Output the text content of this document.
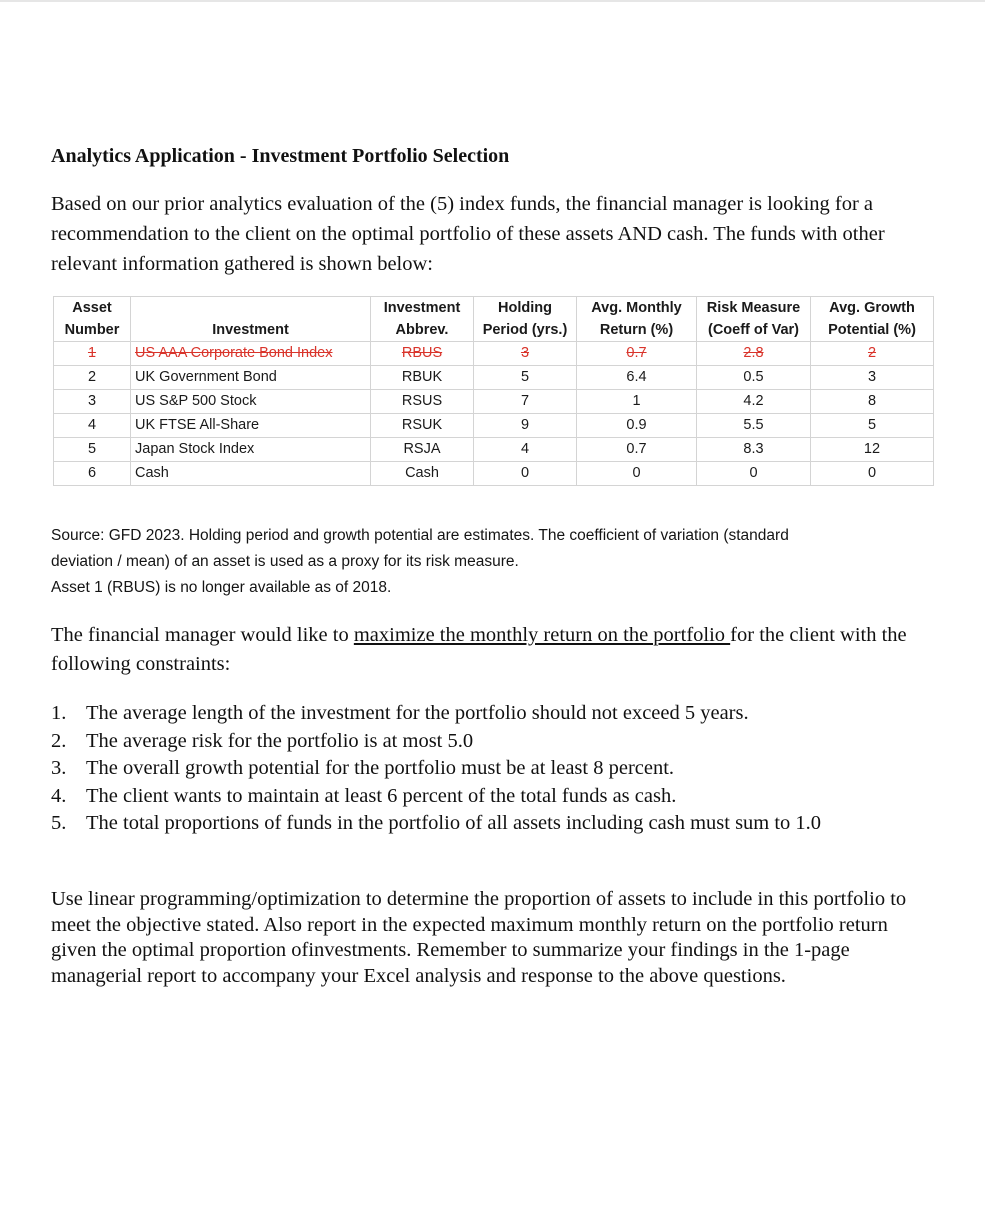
Analytics Application - Investment Portfolio Selection

Based on our prior analytics evaluation of the (5) index funds, the financial manager is looking for a recommendation to the client on the optimal portfolio of these assets AND cash. The funds with other relevant information gathered is shown below:

Asset		Investment	Holding	Avg. Monthly	Risk Measure	Avg. Growth
Number	Investment	Abbrev.	Period (yrs.)	Return (%)	(Coeff of Var)	Potential (%)
1	US AAA Corporate Bond Index	RBUS	3	0.7	2.8	2
2	UK Government Bond	RBUK	5	6.4	0.5	3
3	US S&P 500 Stock	RSUS	7	1	4.2	8
4	UK FTSE All-Share	RSUK	9	0.9	5.5	5
5	Japan Stock Index	RSJA	4	0.7	8.3	12
6	Cash	Cash	0	0	0	0
Source: GFD 2023. Holding period and growth potential are estimates. The coefficient of variation (standard
deviation / mean) of an asset is used as a proxy for its risk measure.
Asset 1 (RBUS) is no longer available as of 2018.

The financial manager would like to maximize the monthly return on the portfolio for the client with the following constraints:

1. The average length of the investment for the portfolio should not exceed 5 years.
2. The average risk for the portfolio is at most 5.0
3. The overall growth potential for the portfolio must be at least 8 percent.
4. The client wants to maintain at least 6 percent of the total funds as cash.
5. The total proportions of funds in the portfolio of all assets including cash must sum to 1.0

Use linear programming/optimization to determine the proportion of assets to include in this portfolio to meet the objective stated. Also report in the expected maximum monthly return on the portfolio return given the optimal proportion ofinvestments. Remember to summarize your findings in the 1-page managerial report to accompany your Excel analysis and response to the above questions.
